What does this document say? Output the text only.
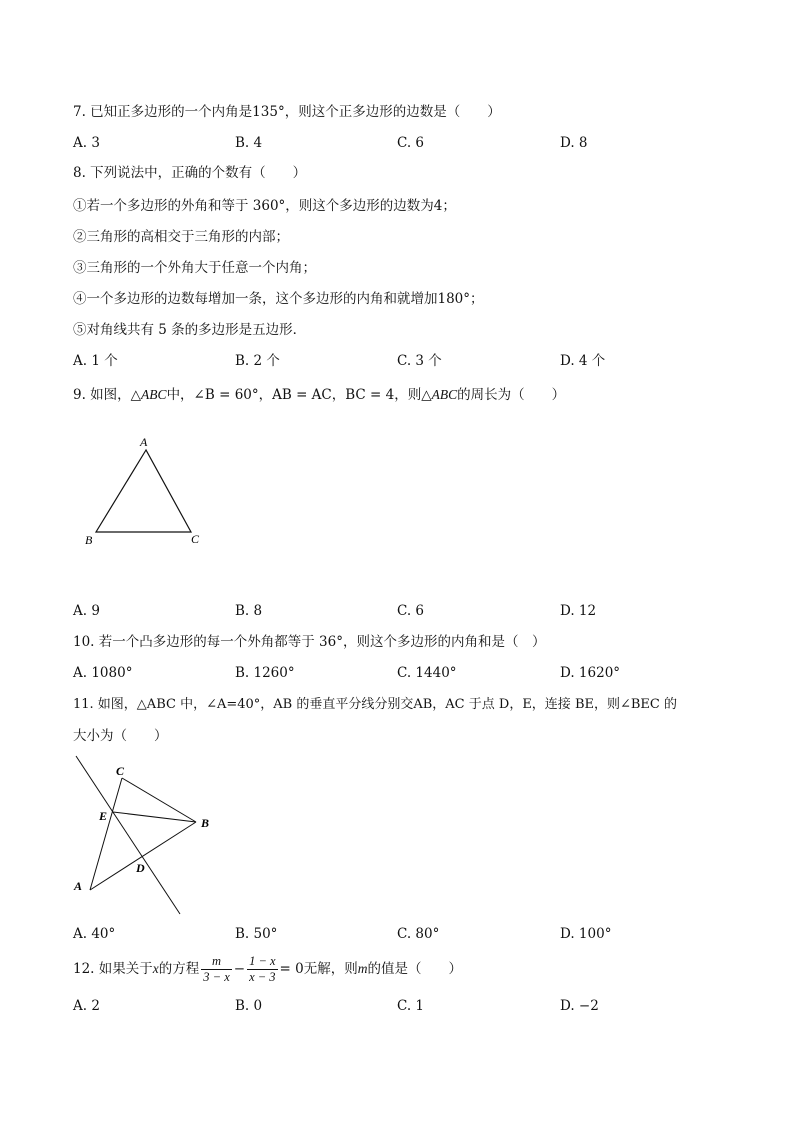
7. 已知正多边形的一个内角是135°，则这个正多边形的边数是（　　）
A. 3	B. 4	C. 6	D. 8
8. 下列说法中，正确的个数有（　　）
①若一个多边形的外角和等于 360°，则这个多边形的边数为4；
②三角形的高相交于三角形的内部；
③三角形的一个外角大于任意一个内角；
④一个多边形的边数每增加一条，这个多边形的内角和就增加180°；
⑤对角线共有 5 条的多边形是五边形．
A. 1 个	B. 2 个	C. 3 个	D. 4 个
9. 如图，△ABC中，∠B = 60°，AB = AC，BC = 4，则△ABC的周长为（　　）
A
B	C
A. 9	B. 8	C. 6	D. 12
10. 若一个凸多边形的每一个外角都等于 36°，则这个多边形的内角和是（　）
A. 1080°	B. 1260°	C. 1440°	D. 1620°
11. 如图，△ABC 中，∠A=40°，AB 的垂直平分线分别交AB，AC 于点 D，E，连接 BE，则∠BEC 的
大小为（　　）
C
E	B
D
A
A. 40°	B. 50°	C. 80°	D. 100°
12. 如果关于x的方程 $\frac{m}{3 - x} - \frac{1 - x}{x - 3} = 0$无解，则m的值是（　　）
A. 2	B. 0	C. 1	D. −2
